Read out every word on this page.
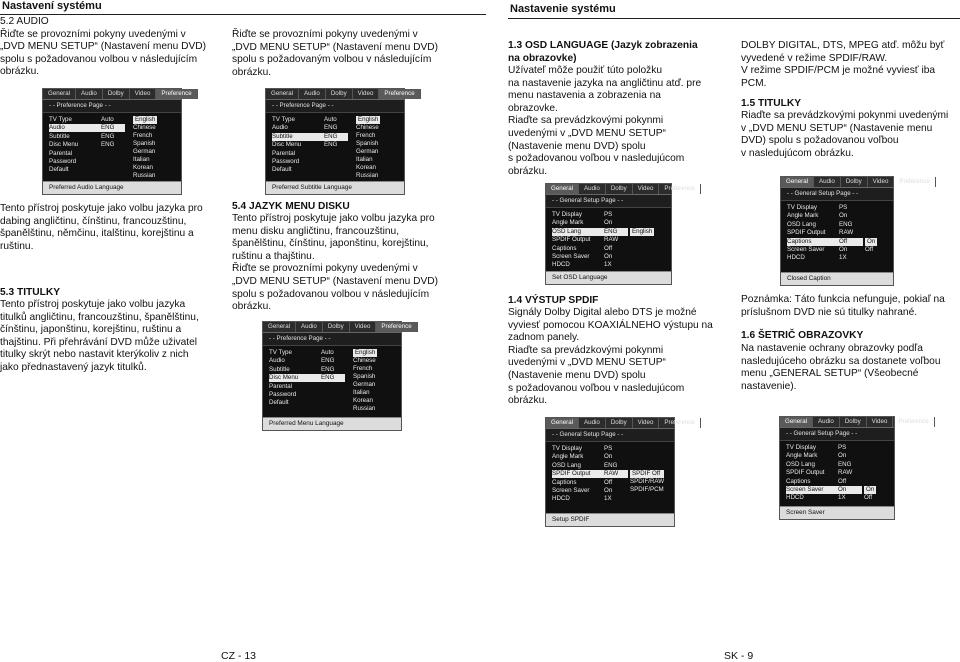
Nastavení systému	Nastavenie systému
5.2 AUDIO
Řiďte se provozními pokyny uvedenými v
„DVD MENU SETUP“ (Nastavení menu DVD)
spolu s požadovanou volbou v následujícím
obrázku.
Řiďte se provozními pokyny uvedenými v
„DVD MENU SETUP“ (Nastavení menu DVD)
spolu s požadovaným volbou v následujícím
obrázku.
1.3 OSD LANGUAGE (Jazyk zobrazenia
na obrazovke)
Užívateľ môže použiť túto položku
na nastavenie jazyka na angličtinu atď. pre
menu nastavenia a zobrazenia na
obrazovke.
Riaďte sa prevádzkovými pokynmi
uvedenými v „DVD MENU SETUP“
(Nastavenie menu DVD) spolu
s požadovanou voľbou v nasledujúcom
obrázku.
DOLBY DIGITAL, DTS, MPEG atď. môžu byť
vyvedené v režime SPDIF/RAW.
V režime SPDIF/PCM je možné vyviesť iba
PCM.
1.5 TITULKY
Riaďte sa prevádzkovými pokynmi uvedenými
v „DVD MENU SETUP“ (Nastavenie menu
DVD) spolu s požadovanou voľbou
v nasledujúcom obrázku.
Tento přístroj poskytuje jako volbu jazyka pro
dabing angličtinu, čínštinu, francouzštinu,
španělštinu, němčinu, italštinu, korejštinu a
ruštinu.
5.3 TITULKY
Tento přístroj poskytuje jako volbu jazyka
titulků angličtinu, francouzštinu, španělštinu,
čínštinu, japonštinu, korejštinu, ruštinu a
thajštinu. Při přehrávání DVD může uživatel
titulky skrýt nebo nastavit kterýkoliv z nich
jako přednastavený jazyk titulků.
5.4 JAZYK MENU DISKU
Tento přístroj poskytuje jako volbu jazyka pro
menu disku angličtinu, francouzštinu,
španělštinu, čínštinu, japonštinu, korejštinu,
ruštinu a thajštinu.
Řiďte se provozními pokyny uvedenými v
„DVD MENU SETUP“ (Nastavení menu DVD)
spolu s požadovanou volbou v následujícím
obrázku.
1.4 VÝSTUP SPDIF
Signály Dolby Digital alebo DTS je možné
vyviesť pomocou KOAXIÁLNEHO výstupu na
zadnom panely.
Riaďte sa prevádzkovými pokynmi
uvedenými v „DVD MENU SETUP“
(Nastavenie menu DVD) spolu
s požadovanou voľbou v nasledujúcom
obrázku.
Poznámka: Táto funkcia nefunguje, pokiaľ na
príslušnom DVD nie sú titulky nahrané.
1.6 ŠETRIČ OBRAZOVKY
Na nastavenie ochrany obrazovky podľa
nasledujúceho obrázku sa dostanete voľbou
menu „GENERAL SETUP“ (Všeobecné
nastavenie).
General	Audio	Dolby	Video	Preference
- - Preference Page - -
TV Type	Auto
Audio	ENG
Subtitle	ENG
Disc Menu	ENG
Parental
Password
Default
English
Chinese
French
Spanish
German
Italian
Korean
Russian
Preferred Audio Language
General	Audio	Dolby	Video	Preference
- - Preference Page - -
TV Type	Auto
Audio	ENG
Subtitle	ENG
Disc Menu	ENG
Parental
Password
Default
English
Chinese
French
Spanish
German
Italian
Korean
Russian
Preferred Subtitle Language
General	Audio	Dolby	Video	Preference
- - Preference Page - -
TV Type	Auto
Audio	ENG
Subtitle	ENG
Disc Menu	ENG
Parental
Password
Default
English
Chinese
French
Spanish
German
Italian
Korean
Russian
Preferred Menu Language
General	Audio	Dolby	Video	Preference
- - General Setup Page - -
TV Display	PS
Angle Mark	On
OSD Lang	ENG
SPDIF Output RAW
Captions	Off
Screen Saver On
HDCD	1X
English
Set OSD Language
General	Audio	Dolby	Video	Preference
- - General Setup Page - -
TV Display	PS
Angle Mark	On
OSD Lang	ENG
SPDIF Output RAW
Captions	Off
Screen Saver On
HDCD	1X
On
Off
Closed Caption
General	Audio	Dolby	Video	Preference
- - General Setup Page - -
TV Display	PS
Angle Mark	On
OSD Lang	ENG
SPDIF Output RAW
Captions	Off
Screen Saver On
HDCD	1X
SPDIF Off
SPDIF/RAW
SPDIF/PCM
Setup SPDIF
General	Audio	Dolby	Video	Preference
- - General Setup Page - -
TV Display	PS
Angle Mark	On
OSD Lang	ENG
SPDIF Output RAW
Captions	Off
Screen Saver On
HDCD	1X
On
Off
Screen Saver
CZ - 13	SK - 9
